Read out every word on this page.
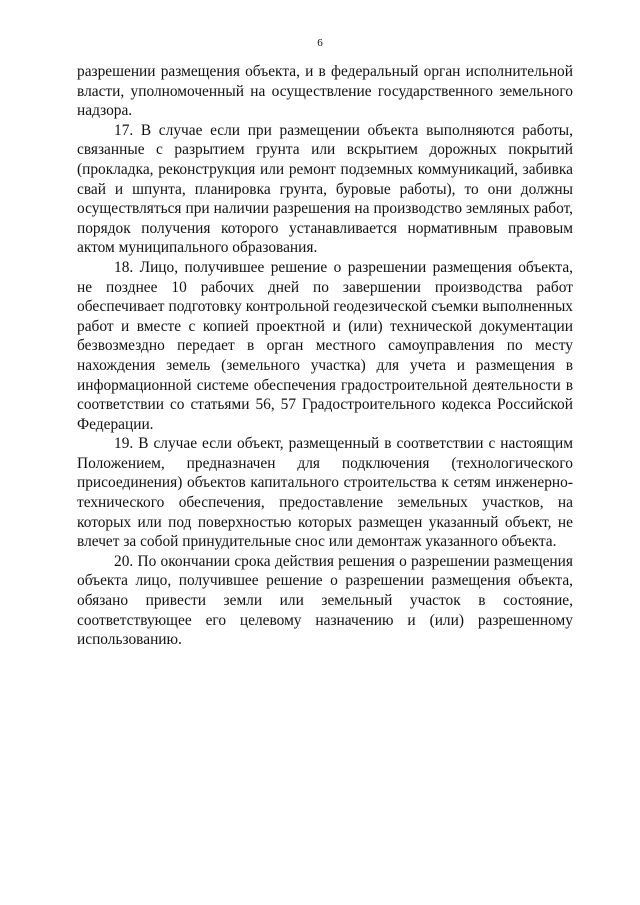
6

разрешении размещения объекта, и в федеральный орган исполнительной власти, уполномоченный на осуществление государственного земельного надзора.

17. В случае если при размещении объекта выполняются работы, связанные с разрытием грунта или вскрытием дорожных покрытий (прокладка, реконструкция или ремонт подземных коммуникаций, забивка свай и шпунта, планировка грунта, буровые работы), то они должны осуществляться при наличии разрешения на производство земляных работ, порядок получения которого устанавливается нормативным правовым актом муниципального образования.

18. Лицо, получившее решение о разрешении размещения объекта, не позднее 10 рабочих дней по завершении производства работ обеспечивает подготовку контрольной геодезической съемки выполненных работ и вместе с копией проектной и (или) технической документации безвозмездно передает в орган местного самоуправления по месту нахождения земель (земельного участка) для учета и размещения в информационной системе обеспечения градостроительной деятельности в соответствии со статьями 56, 57 Градостроительного кодекса Российской Федерации.

19. В случае если объект, размещенный в соответствии с настоящим Положением, предназначен для подключения (технологического присоединения) объектов капитального строительства к сетям инженерно-технического обеспечения, предоставление земельных участков, на которых или под поверхностью которых размещен указанный объект, не влечет за собой принудительные снос или демонтаж указанного объекта.

20. По окончании срока действия решения о разрешении размещения объекта лицо, получившее решение о разрешении размещения объекта, обязано привести земли или земельный участок в состояние, соответствующее его целевому назначению и (или) разрешенному использованию.
